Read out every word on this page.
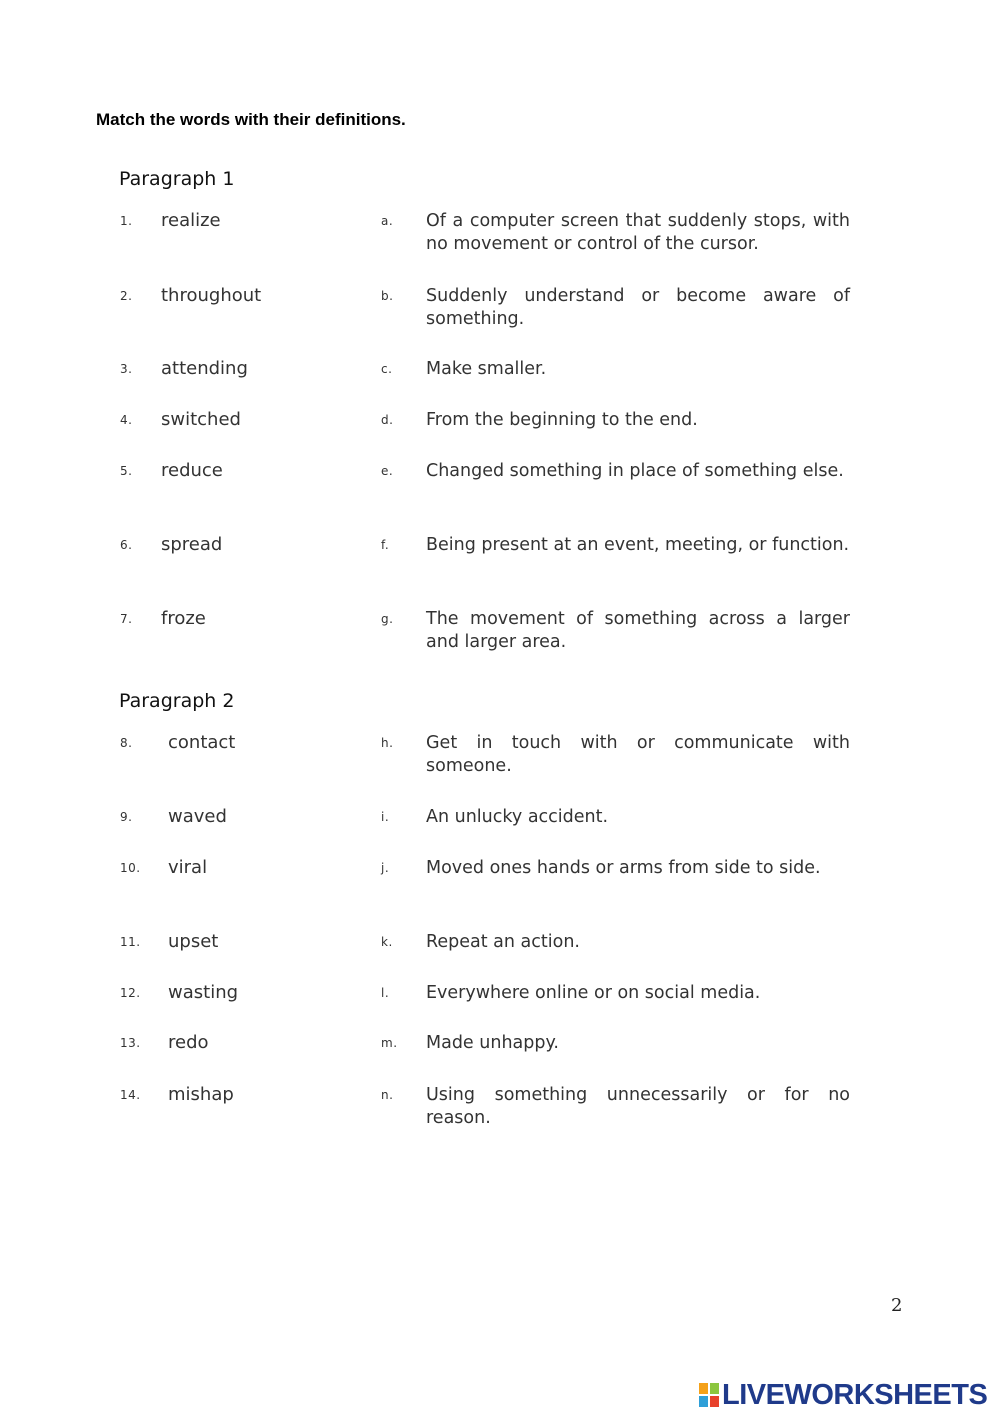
Match the words with their definitions.
Paragraph 1
1. realize	a. Of a computer screen that suddenly stops, with no movement or control of the cursor.
2. throughout	b. Suddenly understand or become aware of something.
3. attending	c. Make smaller.
4. switched	d. From the beginning to the end.
5. reduce	e. Changed something in place of something else.
6. spread	f. Being present at an event, meeting, or function.
7. froze	g. The movement of something across a larger and larger area.
Paragraph 2
8. contact	h. Get in touch with or communicate with someone.
9. waved	i. An unlucky accident.
10. viral	j. Moved ones hands or arms from side to side.
11. upset	k. Repeat an action.
12. wasting	l. Everywhere online or on social media.
13. redo	m. Made unhappy.
14. mishap	n. Using something unnecessarily or for no reason.
2
LIVEWORKSHEETS
